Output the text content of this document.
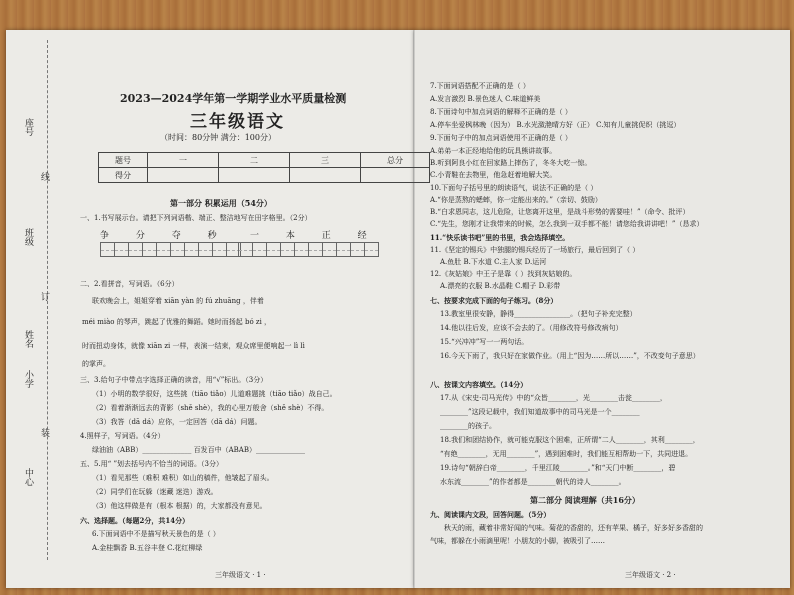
座号
线
班级
订
姓名
小学
装
中心
2023—2024学年第一学期学业水平质量检测
三年级语文
（时间：80分钟 满分：100分）
题号	一	二	三	总分
得分				
第一部分 积累运用（54分）
一、1.书写展示台。请把下列词语楷、端正、整洁地写在田字格里。（2分）
争 分 夺 秒 一 本 正 经
二、2.看拼音，写词语。（6分）
联欢晚会上，姐姐穿着 xiān yàn 的 fú zhuāng ，伴着
méi miào 的琴声，跳起了优雅的舞蹈。她时而扬起 bó zi ，
时而扭动身体，就像 xiān zi 一样，表演一结束，观众席里便响起一 lì lì
的掌声。
三、3.给句子中带点字选择正确的读音，用“√”标出。（3分）
（1）小明的数学很好，这些挑（tiāo tiǎo）儿道难题挑（tiāo tiǎo）战自己。
（2）看着渐渐远去的背影（shě shè），我的心里万般舍（shě shè）不得。
（3）我答（dā dá）应你，一定回答（dā dá）问题。
4.照样子，写词语。（4分）
绿油油（ABB）______________ 百发百中（ABAB）______________
五、5.用“ ”划去括号内不恰当的词语。（3分）
（1）看见那些（难积 难积）如山的稿件，他皱起了眉头。
（2）同学们在玩躲（迷藏 迷迭）游戏。
（3）他这样做是有（根本 根据）的，大家都没有意见。
六、选择题。（每题2分，共14分）
6.下面词语中不是描写秋天景色的是（ ）
A.金桂飘香 B.五谷丰登 C.花红柳绿
三年级语文 · 1 ·
7.下面词语搭配不正确的是（ ）
A.发言激烈 B.景色迷人 C.味道鲜美
8.下面诗句中加点词语的解释不正确的是（ ）
A.停车坐爱枫林晚（因为） B.水光潋滟晴方好（正） C.知有儿童挑促织（挑逗）
9.下面句子中的加点词语使用不正确的是（ ）
A.弟弟一本正经地给他的玩具熊讲故事。
B.听到阿良小红在回家路上摔伤了，冬冬大吃一惊。
C.小青鞋在去物里，他急赶着地解大笑。
10.下面句子括号里的朗读语气，说法不正确的是（ ）
A.“你是蒸熬的蟋蟀，你一定能出来的。”（亲切、鼓励）
B.“白求恩同志，这儿危险，让您离开这里，是战斗形势的需要哇！”（命令、批评）
C.“先生，您刚才让我带来的时候，怎么我到一双手都不能！请您给我讲讲吧！”（恳求）
11.“快乐读书吧”里的书里，我会选择填空。
11.《坚定的锡兵》中独腿的锡兵经历了一场旅行，最后回到了（ ）
A.鱼肚 B.下水道 C.主人家 D.运河
12.《灰姑娘》中王子是靠（ ）找到灰姑娘的。
A.漂亮的衣服 B.水晶鞋 C.帽子 D.彩带
七、按要求完成下面的句子练习。（8分）
13.教室里很安静，静得________________。（把句子补充完整）
14.他以往后发，应该不会去的了。（用修改符号修改病句）
15.“兴冲冲”写一一两句话。
16.今天下雨了，我只好在家做作业。（用上“因为……所以……”，不改变句子意思）
八、按课文内容填空。（14分）
17.从《宋史·司马光传》中的“众皆________，光________击瓮________，
________”这段记载中，我们知道故事中的司马光是一个________
________的孩子。
18.我们和团结协作，就可能克服这个困难，正所谓“二人________，其利________，
“有绝________，无用________”，遇到困难时，我们能互相帮助一下，共同进退。
19.诗句“朝辞白帝________，千里江陵________。”和“天门中断________，碧
水东流________”的作者都是________朝代的诗人________。
第二部分 阅读理解（共16分）
九、阅读课内文段，回答问题。（5分）
秋天的雨，藏着非常好闻的气味。菊花的香甜的，还有苹果、橘子，好多好多香甜的
气味，都躲在小雨滴里呢！小朋友的小脚，被吸引了……
三年级语文 · 2 ·
